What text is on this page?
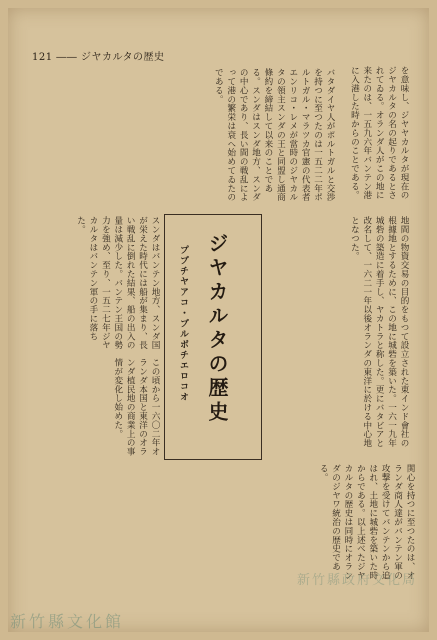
121 ―― ジヤカルタの歴史
バタダイヤ人がポルトガルと交渉を持つに至つたのは一五二二年ポルトガル・マラツカ官憲の代表者エンリコ・レメが當時のジヤカルタの領主スンダの王と同盟し通商條約を締結して以来のことである。スンダはスンダ地方、スンダの中心であり、長い間の戦乱によって港の繁栄は衰へ始めてゐたのである。
スンダはバンテン地方、スンダ国が栄えた時代には船が集まり、長い戦乱に倒れた結果、船の出入の量は減少した。バンテン王国の勢力を強め、至り、一五二七年ジヤカルタはバンテン軍の手に落ちた。
この頃から一六〇二年オランダ本国と東洋のオランダ植民地の商業上の事情が変化し始めた。
関心を持つに至つたのは、オランダ商人達がバンテン軍の攻撃を受けてバンテンから追はれ、土地に城砦を築いた時からである。以上述べたジヤカルタの歴史は同時にオランダのジヤワ統治の歴史である。
を意味し、ジヤヤカルタが現在のジヤカルタの名の起りであるとされてゐる。オランダ人がこの地に来たのは、一五九六年バンテン港に入港した時からのことである。
地間の物資交易の目的をもつて設立された東インド會社の根據地とするために、この地に城砦を築いた。一六一九年城砦の築造に着手し、ヤカトラと称した。更にバタビアと改名して、一六二一年以後オランダの東洋に於ける中心地となつた。
ジヤカルタの歴史
ププチヤアコ・プルボチエロコオ
新竹縣政府文化局
新竹縣文化館
